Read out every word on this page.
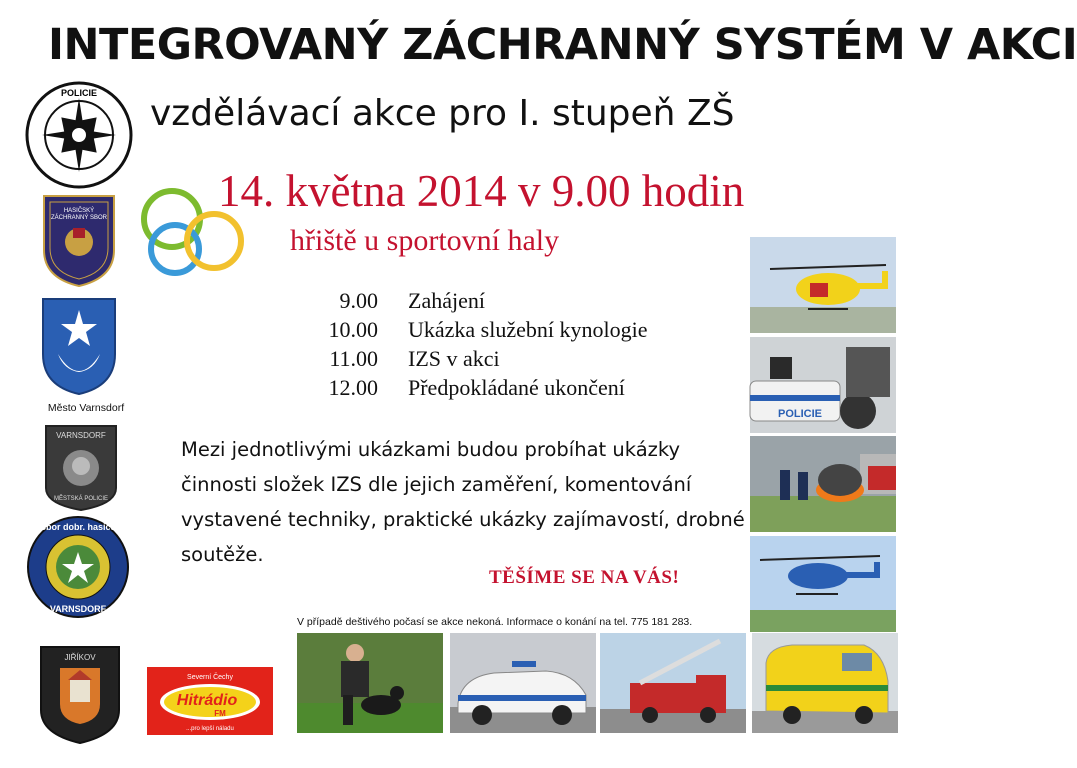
INTEGROVANÝ ZÁCHRANNÝ SYSTÉM V AKCI
vzdělávací akce pro I. stupeň ZŠ
14. května 2014 v 9.00 hodin
hřiště u sportovní haly
9.00 Zahájení
10.00 Ukázka služební kynologie
11.00 IZS v akci
12.00 Předpokládané ukončení
Mezi jednotlivými ukázkami budou probíhat ukázky činnosti složek IZS dle jejich zaměření, komentování vystavené techniky, praktické ukázky zajímavostí, drobné soutěže.
TĚŠÍME SE NA VÁS!
V případě deštivého počasí se akce nekoná. Informace o konání na tel. 775 181 283.
POLICIE
HASIČSKÝ
ZÁCHRANNÝ SBOR
Město Varnsdorf
VARNSDORF
MĚSTSKÁ POLICIE
Sbor dobr. hasičů
VARNSDORF
JIŘÍKOV
Severní Čechy
Hitrádio
FM
...pro lepší náladu
POLICIE
